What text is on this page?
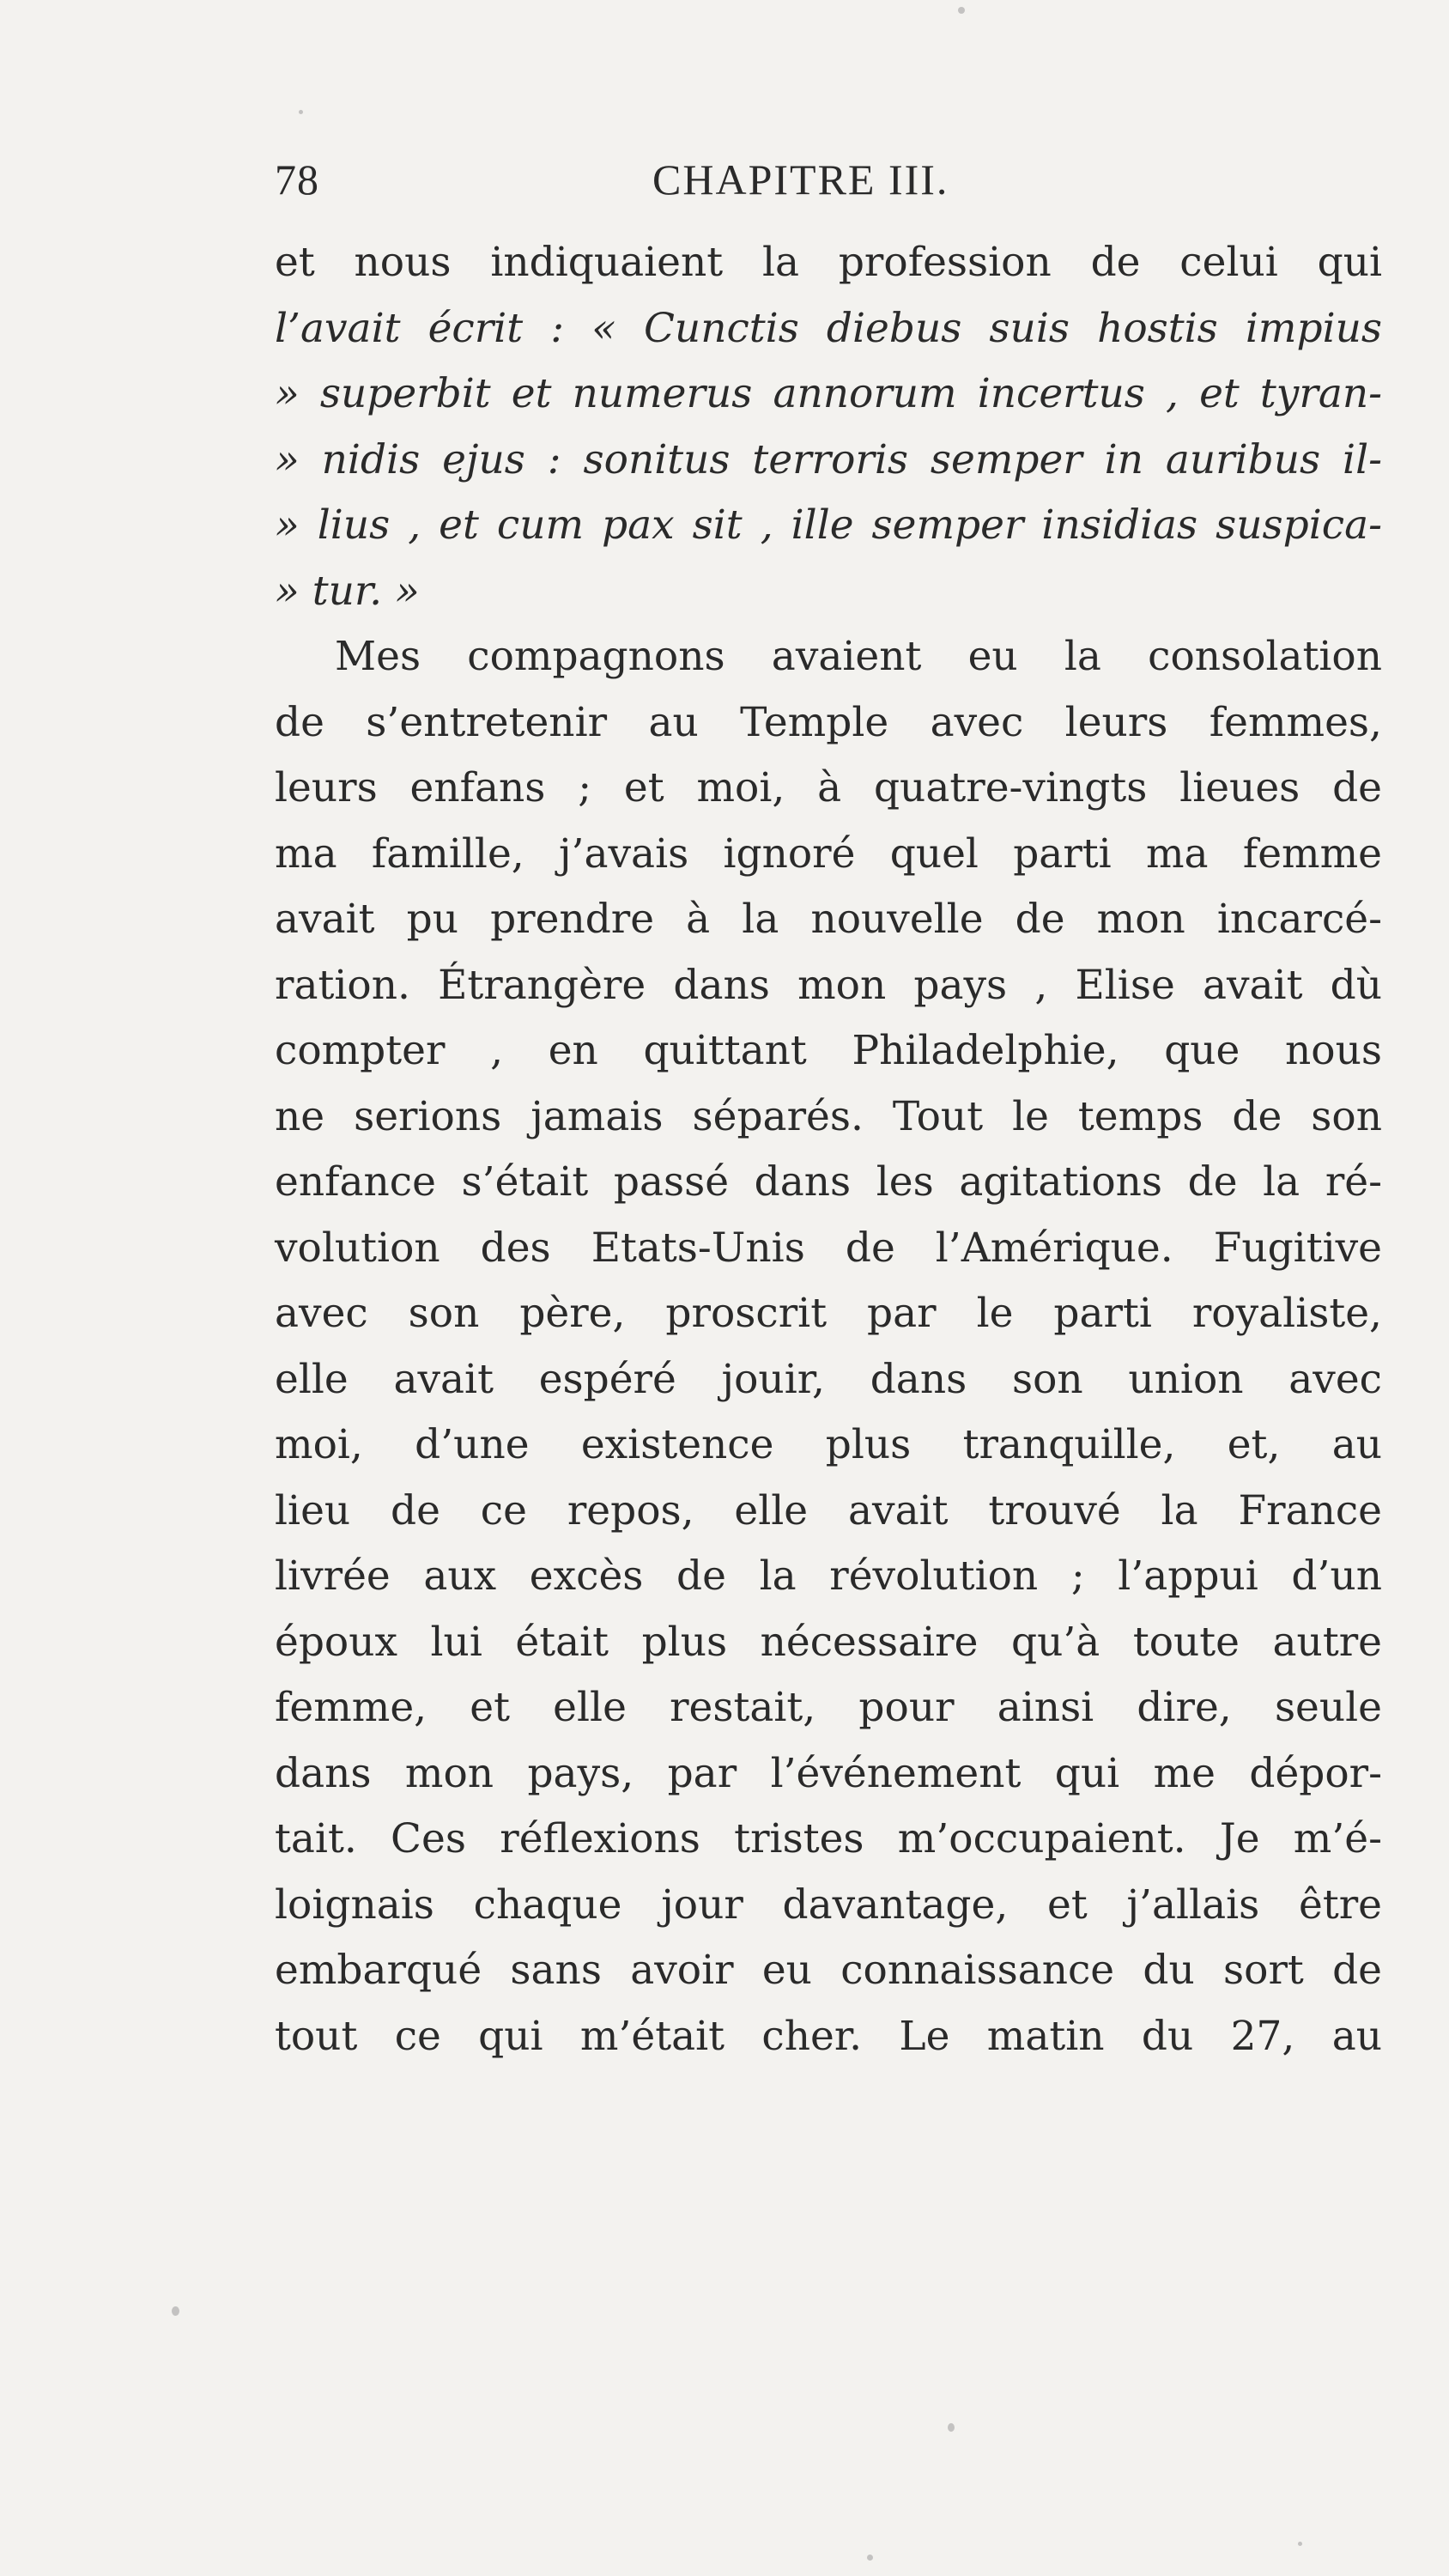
78	CHAPITRE III.
et nous indiquaient la profession de celui qui
l’avait écrit : « Cunctis diebus suis hostis impius
» superbit et numerus annorum incertus , et tyran-
» nidis ejus : sonitus terroris semper in auribus il-
» lius , et cum pax sit , ille semper insidias suspica-
» tur. »
Mes compagnons avaient eu la consolation
de s’entretenir au Temple avec leurs femmes,
leurs enfans ; et moi, à quatre-vingts lieues de
ma famille, j’avais ignoré quel parti ma femme
avait pu prendre à la nouvelle de mon incarcé-
ration. Étrangère dans mon pays , Elise avait dù
compter , en quittant Philadelphie, que nous
ne serions jamais séparés. Tout le temps de son
enfance s’était passé dans les agitations de la ré-
volution des Etats-Unis de l’Amérique. Fugitive
avec son père, proscrit par le parti royaliste,
elle avait espéré jouir, dans son union avec
moi, d’une existence plus tranquille, et, au
lieu de ce repos, elle avait trouvé la France
livrée aux excès de la révolution ; l’appui d’un
époux lui était plus nécessaire qu’à toute autre
femme, et elle restait, pour ainsi dire, seule
dans mon pays, par l’événement qui me dépor-
tait. Ces réflexions tristes m’occupaient. Je m’é-
loignais chaque jour davantage, et j’allais être
embarqué sans avoir eu connaissance du sort de
tout ce qui m’était cher. Le matin du 27, au
